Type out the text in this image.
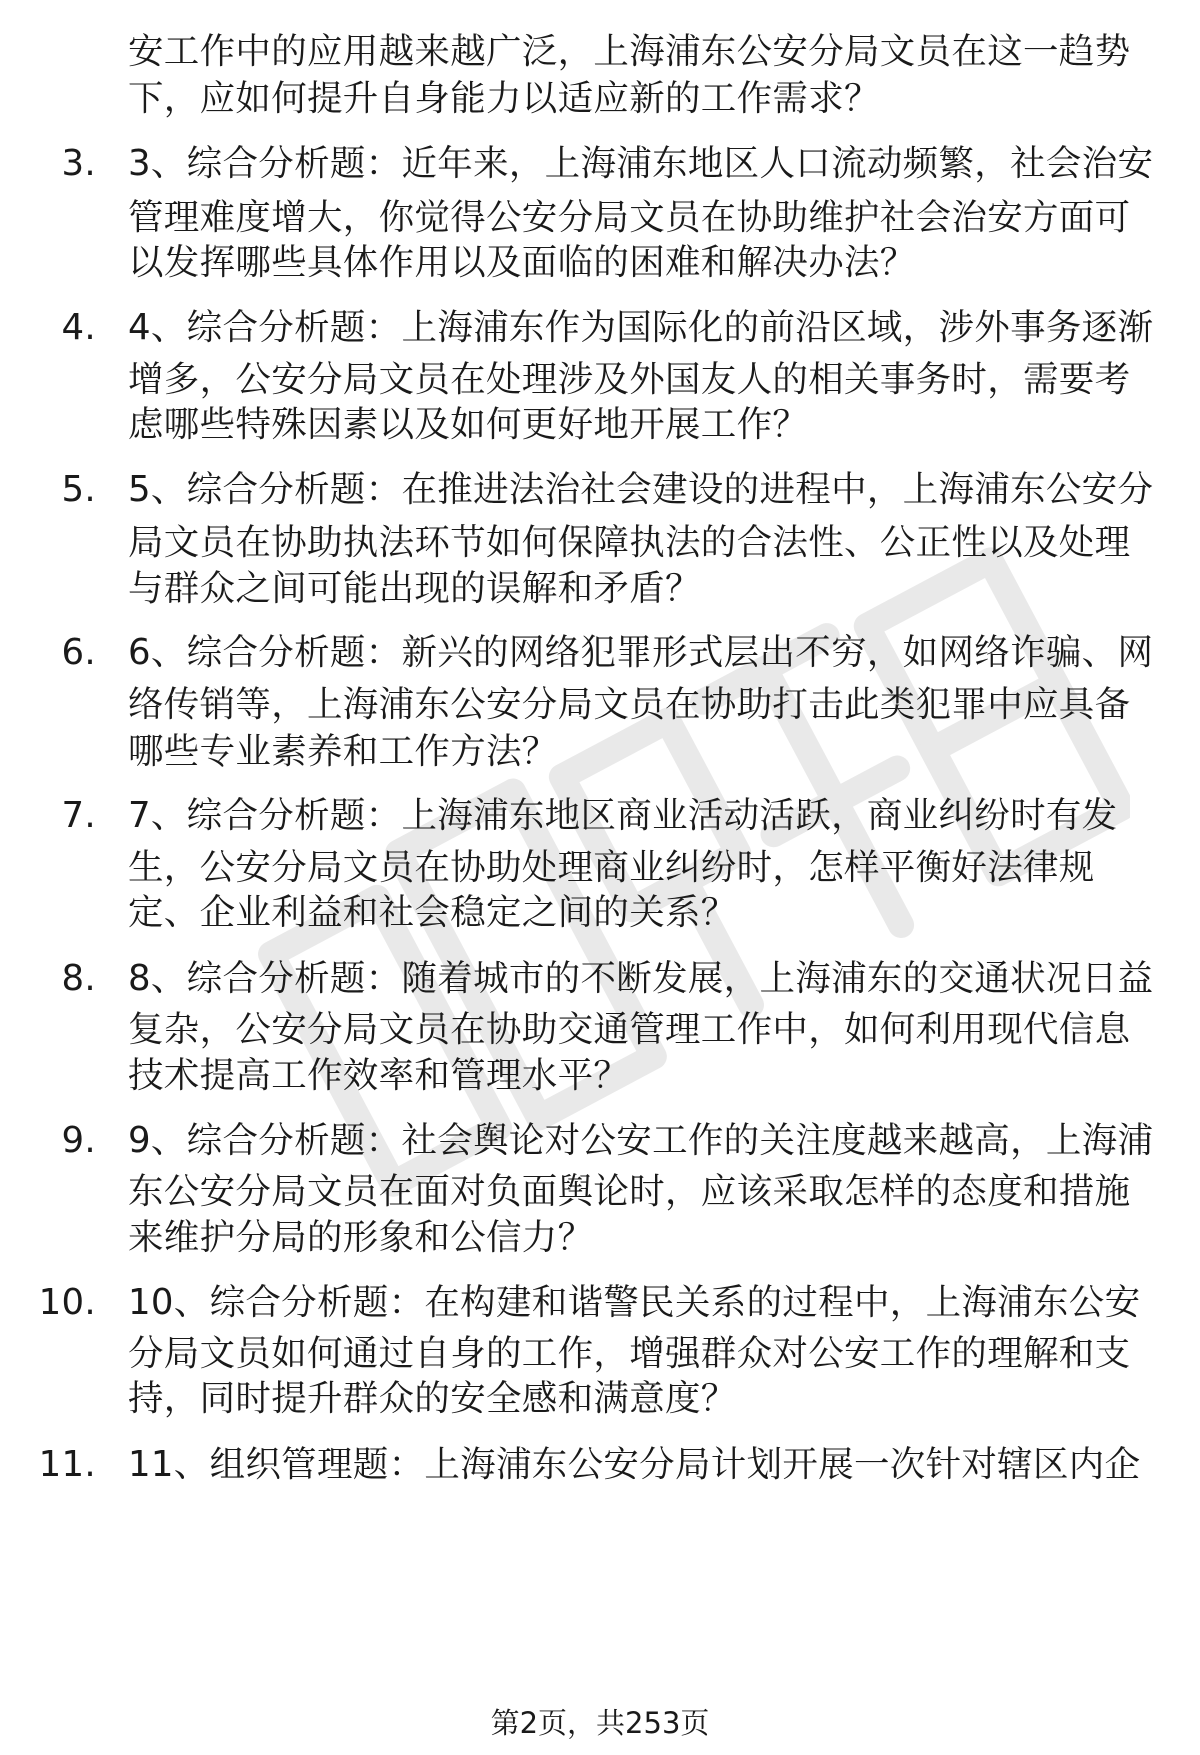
安工作中的应用越来越广泛，上海浦东公安分局文员在这一趋势
下，应如何提升自身能力以适应新的工作需求？
3. 3、综合分析题：近年来，上海浦东地区人口流动频繁，社会治安
管理难度增大，你觉得公安分局文员在协助维护社会治安方面可
以发挥哪些具体作用以及面临的困难和解决办法？
4. 4、综合分析题：上海浦东作为国际化的前沿区域，涉外事务逐渐
增多，公安分局文员在处理涉及外国友人的相关事务时，需要考
虑哪些特殊因素以及如何更好地开展工作？
5. 5、综合分析题：在推进法治社会建设的进程中，上海浦东公安分
局文员在协助执法环节如何保障执法的合法性、公正性以及处理
与群众之间可能出现的误解和矛盾？
6. 6、综合分析题：新兴的网络犯罪形式层出不穷，如网络诈骗、网
络传销等，上海浦东公安分局文员在协助打击此类犯罪中应具备
哪些专业素养和工作方法？
7. 7、综合分析题：上海浦东地区商业活动活跃，商业纠纷时有发
生，公安分局文员在协助处理商业纠纷时，怎样平衡好法律规
定、企业利益和社会稳定之间的关系？
8. 8、综合分析题：随着城市的不断发展，上海浦东的交通状况日益
复杂，公安分局文员在协助交通管理工作中，如何利用现代信息
技术提高工作效率和管理水平？
9. 9、综合分析题：社会舆论对公安工作的关注度越来越高，上海浦
东公安分局文员在面对负面舆论时，应该采取怎样的态度和措施
来维护分局的形象和公信力？
10. 10、综合分析题：在构建和谐警民关系的过程中，上海浦东公安
分局文员如何通过自身的工作，增强群众对公安工作的理解和支
持，同时提升群众的安全感和满意度？
11. 11、组织管理题：上海浦东公安分局计划开展一次针对辖区内企
第2页，共253页
